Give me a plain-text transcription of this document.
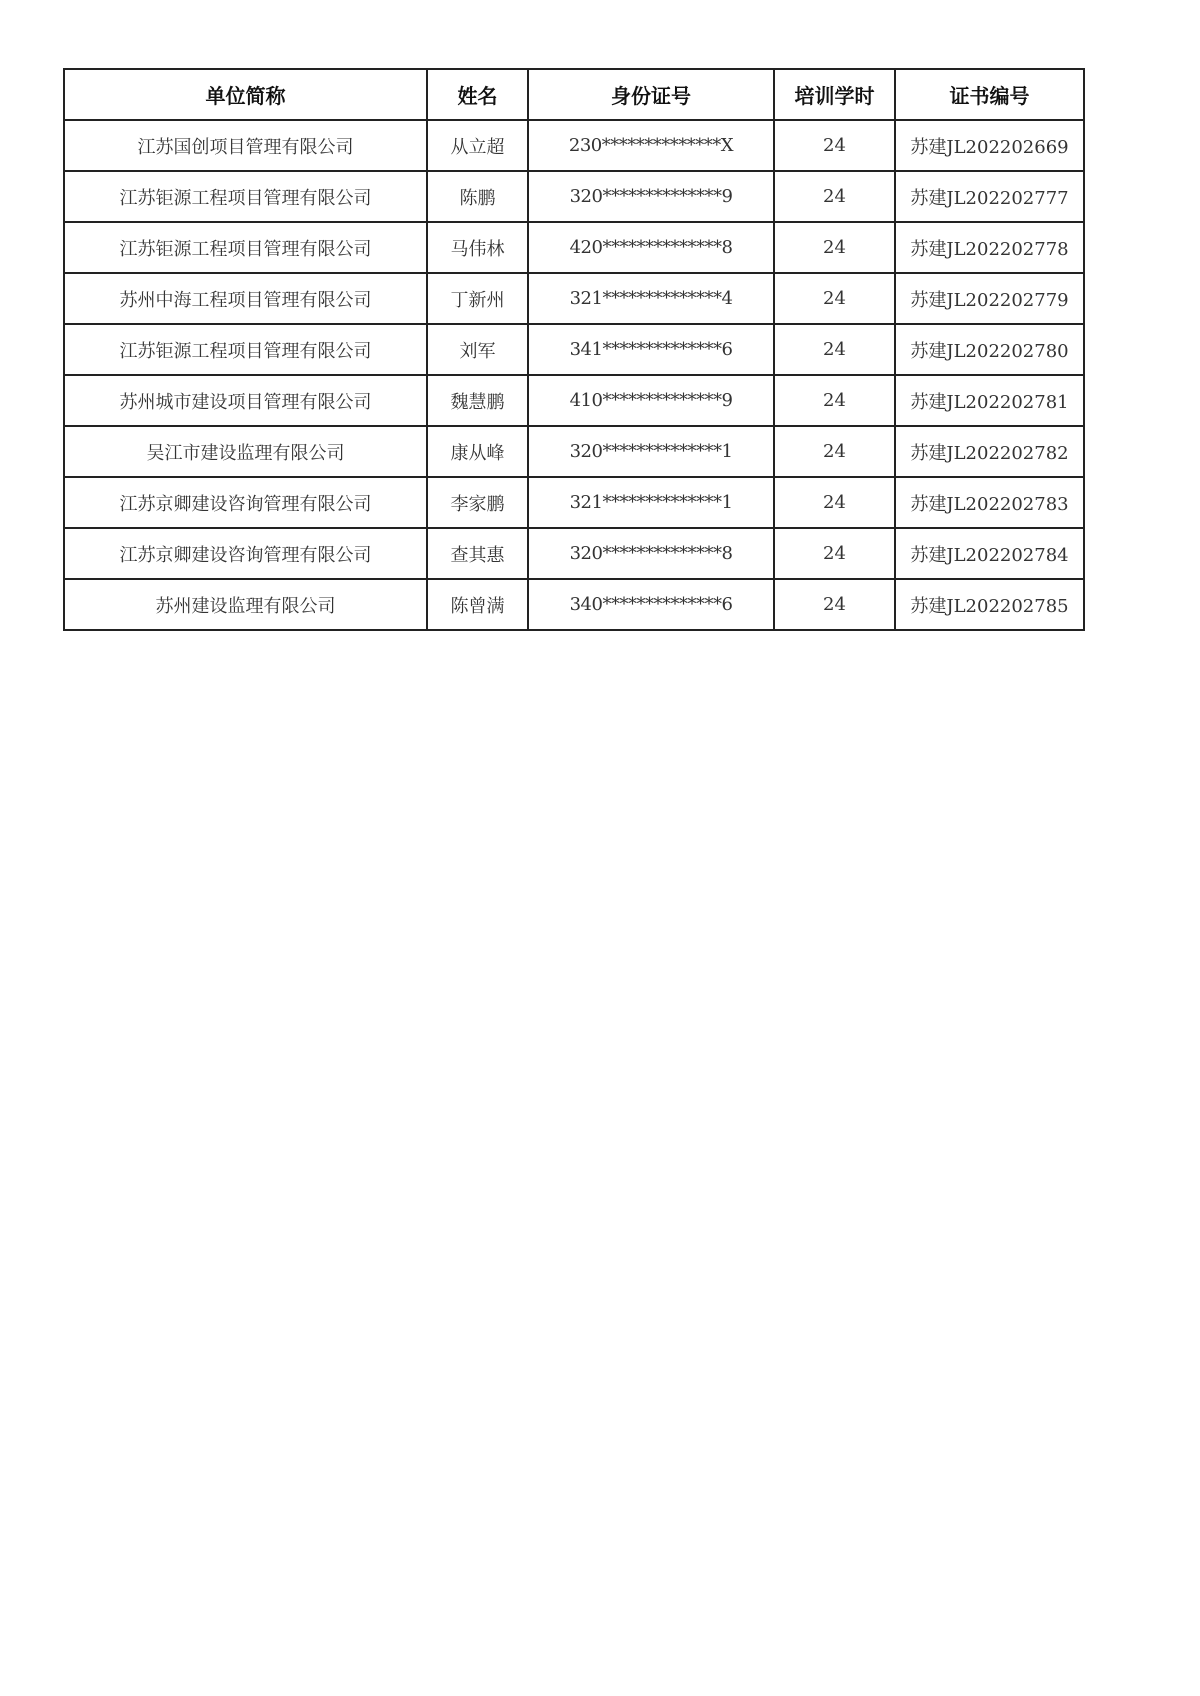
单位简称	姓名	身份证号	培训学时	证书编号
江苏国创项目管理有限公司	从立超	230**************X	24	苏建JL202202669
江苏钜源工程项目管理有限公司	陈鹏	320**************9	24	苏建JL202202777
江苏钜源工程项目管理有限公司	马伟林	420**************8	24	苏建JL202202778
苏州中海工程项目管理有限公司	丁新州	321**************4	24	苏建JL202202779
江苏钜源工程项目管理有限公司	刘军	341**************6	24	苏建JL202202780
苏州城市建设项目管理有限公司	魏慧鹏	410**************9	24	苏建JL202202781
吴江市建设监理有限公司	康从峰	320**************1	24	苏建JL202202782
江苏京卿建设咨询管理有限公司	李家鹏	321**************1	24	苏建JL202202783
江苏京卿建设咨询管理有限公司	查其惠	320**************8	24	苏建JL202202784
苏州建设监理有限公司	陈曾满	340**************6	24	苏建JL202202785
